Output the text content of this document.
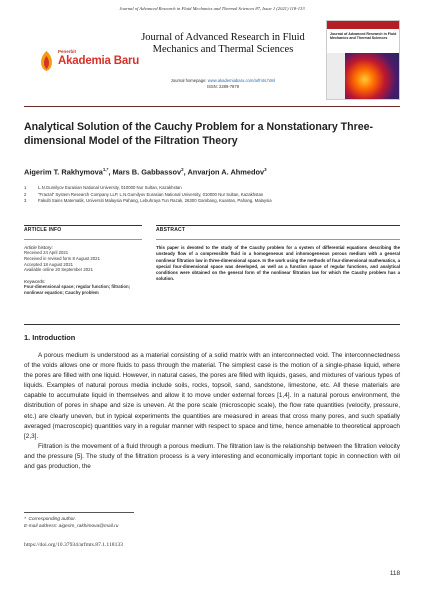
Journal of Advanced Research in Fluid Mechanics and Thermal Sciences 87, Issue 1 (2021) 118-133
Penerbit
Akademia Baru
Journal of Advanced Research in Fluid Mechanics and Thermal Sciences
Journal homepage: www.akademiabaru.com/arfmts.html
ISSN: 2289-7879
Journal of Advanced Research in Fluid Mechanics and Thermal Sciences
Analytical Solution of the Cauchy Problem for a Nonstationary Three-dimensional Model of the Filtration Theory
Aigerim T. Rakhymova$^{1,*}$, Mars B. Gabbassov$^2$, Anvarjon A. Ahmedov$^3$
1	L.N.Gumilyov Eurasian National University, 010000 Nur Sultan, Kazakhstan
2	"Fractal" System Research Company LLP, L.N.Gumilyov Eurasian National University, 010000 Nur Sultan, Kazakhstan
3	Fakulti Sains Matematik, Universiti Malaysia Pahang, Lebuhraya Tun Razak, 26300 Gambang, Kuantan, Pahang, Malaysia
ARTICLE INFO
Article history:
Received 24 April 2021
Received in revised form 8 August 2021
Accepted 18 August 2021
Available online 20 September 2021
Keywords:
Four-dimensional space; regular function; filtration; nonlinear equation; Cauchy problem
ABSTRACT
This paper is devoted to the study of the Cauchy problem for a system of differential equations describing the unsteady flow of a compressible fluid in a homogeneous and inhomogeneous porous medium with a general nonlinear filtration law in three-dimensional space. In the work using the methods of four-dimensional mathematics, a special four-dimensional space was developed, as well as a function space of regular functions, and analytical conditions were obtained on the general form of the nonlinear filtration law for which the Cauchy problem has a solution.
1. Introduction

A porous medium is understood as a material consisting of a solid matrix with an interconnected void. The interconnectedness of the voids allows one or more fluids to pass through the material. The simplest case is the motion of a single-phase liquid, where the pores are filled with one liquid. However, in natural cases, the pores are filled with liquids, gases, and mixtures of various types of liquids. Examples of natural porous media include soils, rocks, topsoil, sand, sandstone, limestone, etc. All these materials are capable to accumulate liquid in themselves and allow it to move under external forces [1,4]. In a natural porous environment, the distribution of pores in shape and size is uneven. At the pore scale (microscopic scale), the flow rate quantities (velocity, pressure, etc.) are clearly uneven, but in typical experiments the quantities are measured in areas that cross many pores, and such spatially averaged (macroscopic) quantities vary in a regular manner with respect to space and time, hence amenable to theoretical approach [2,3].

Filtration is the movement of a fluid through a porous medium. The filtration law is the relationship between the filtration velocity and the pressure [5]. The study of the filtration process is a very interesting and economically important topic in connection with oil and gas production, the

*  Corresponding author.
E-mail address: aigerim_rakhimova@mail.ru
https://doi.org/10.37934/arfmts.87.1.118133
118
